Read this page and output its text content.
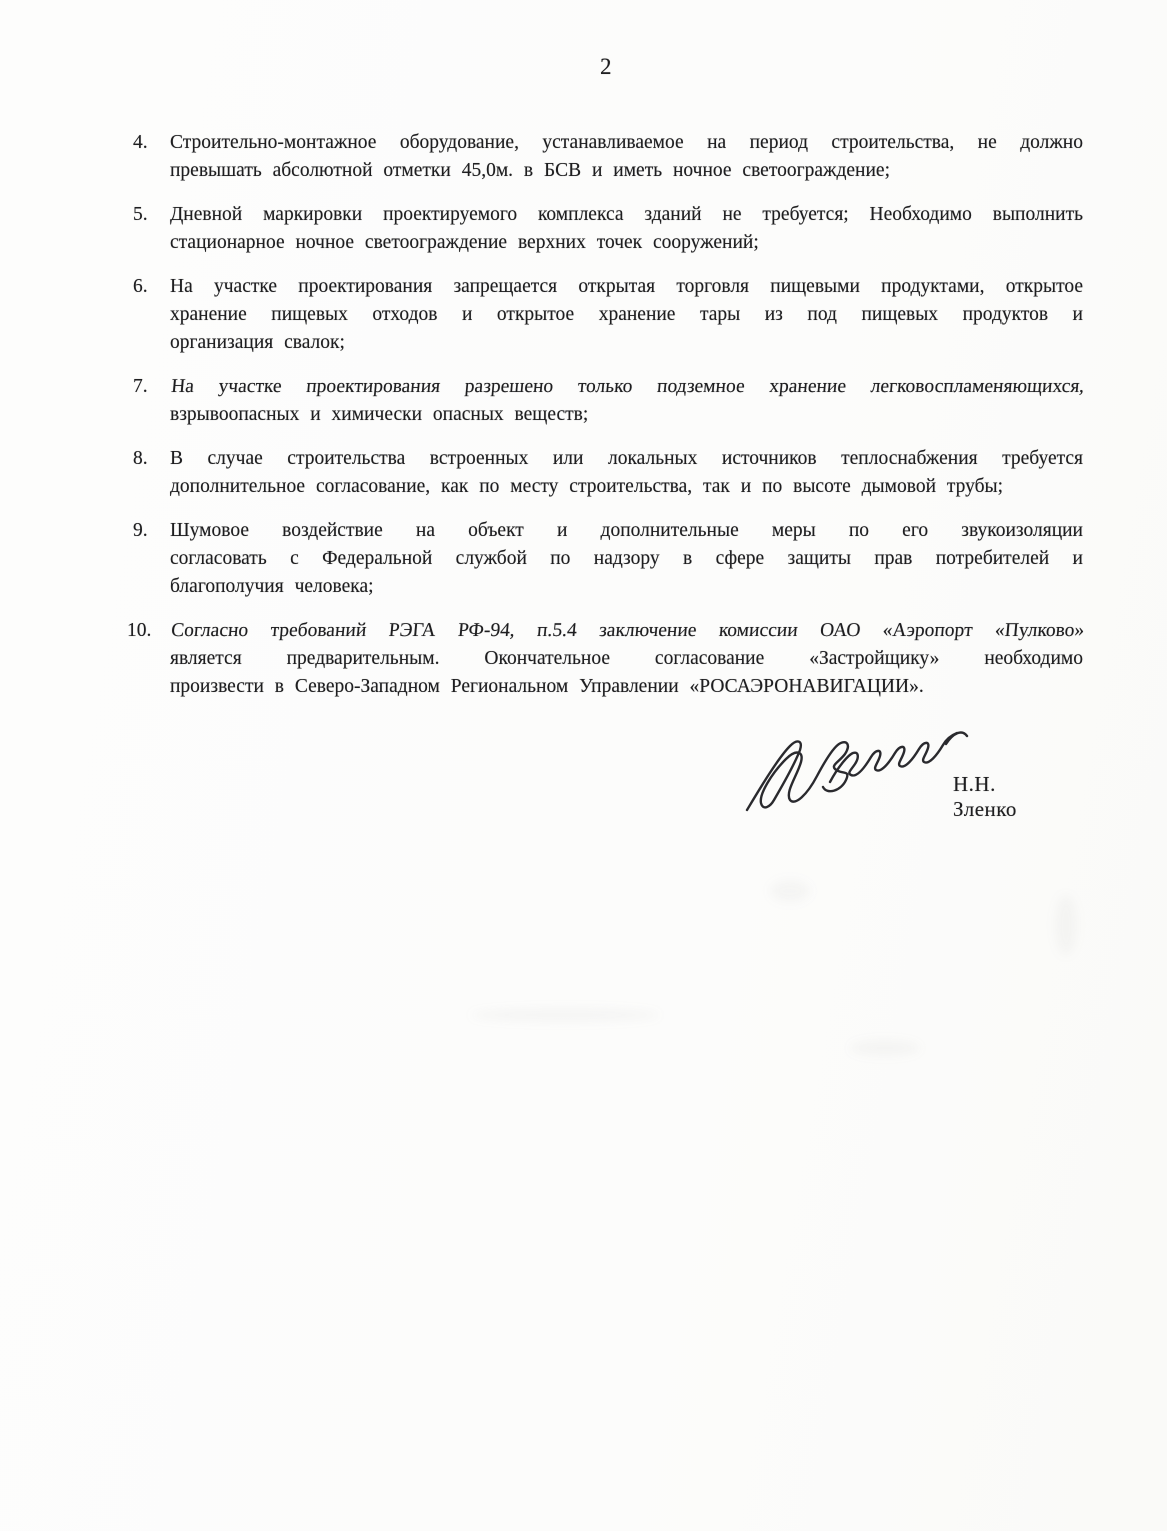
2
4.	Строительно-монтажное оборудование, устанавливаемое на период строительства, не должно
превышать абсолютной отметки 45,0м. в БСВ и иметь ночное светоограждение;
5.	Дневной маркировки проектируемого комплекса зданий не требуется; Необходимо выполнить
стационарное ночное светоограждение верхних точек сооружений;
6.	На участке проектирования запрещается открытая торговля пищевыми продуктами, открытое
хранение пищевых отходов и открытое хранение тары из под пищевых продуктов и
организация свалок;
7.	На участке проектирования разрешено только подземное хранение легковоспламеняющихся,
взрывоопасных и химически опасных веществ;
8.	В случае строительства встроенных или локальных источников теплоснабжения требуется
дополнительное согласование, как по месту строительства, так и по высоте дымовой трубы;
9.	Шумовое воздействие на объект и дополнительные меры по его звукоизоляции
согласовать с Федеральной службой по надзору в сфере защиты прав потребителей и
благополучия человека;
10. Согласно требований РЭГА РФ-94, п.5.4 заключение комиссии ОАО «Аэропорт «Пулково»
является предварительным. Окончательное согласование «Застройщику» необходимо
произвести в Северо-Западном Региональном Управлении «РОСАЭРОНАВИГАЦИИ».
Н.Н. Зленко
